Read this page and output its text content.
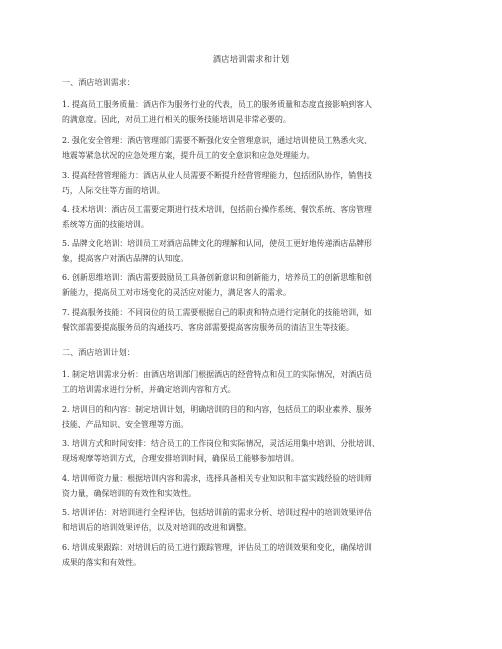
酒店培训需求和计划
一、酒店培训需求：
1. 提高员工服务质量：酒店作为服务行业的代表，员工的服务质量和态度直接影响到客人
的满意度。因此，对员工进行相关的服务技能培训是非常必要的。
2. 强化安全管理：酒店管理部门需要不断强化安全管理意识，通过培训使员工熟悉火灾、
地震等紧急状况的应急处理方案，提升员工的安全意识和应急处理能力。
3. 提高经营管理能力：酒店从业人员需要不断提升经营管理能力，包括团队协作，销售技
巧，人际交往等方面的培训。
4. 技术培训：酒店员工需要定期进行技术培训，包括前台操作系统、餐饮系统、客房管理
系统等方面的技能培训。
5. 品牌文化培训：培训员工对酒店品牌文化的理解和认同，使员工更好地传递酒店品牌形
象，提高客户对酒店品牌的认知度。
6. 创新思维培训：酒店需要鼓励员工具备创新意识和创新能力，培养员工的创新思维和创
新能力，提高员工对市场变化的灵活应对能力，满足客人的需求。
7. 提高服务技能：不同岗位的员工需要根据自己的职责和特点进行定制化的技能培训，如
餐饮部需要提高服务员的沟通技巧、客房部需要提高客房服务员的清洁卫生等技能。
二、酒店培训计划：
1. 制定培训需求分析：由酒店培训部门根据酒店的经营特点和员工的实际情况，对酒店员
工的培训需求进行分析，并确定培训内容和方式。
2. 培训目的和内容：制定培训计划，明确培训的目的和内容，包括员工的职业素养、服务
技能、产品知识、安全管理等方面。
3. 培训方式和时间安排：结合员工的工作岗位和实际情况，灵活运用集中培训、分批培训、
现场观摩等培训方式，合理安排培训时间，确保员工能够参加培训。
4. 培训师资力量：根据培训内容和需求，选择具备相关专业知识和丰富实践经验的培训师
资力量，确保培训的有效性和实效性。
5. 培训评估：对培训进行全程评估，包括培训前的需求分析、培训过程中的培训效果评估
和培训后的培训效果评估，以及对培训的改进和调整。
6. 培训成果跟踪：对培训后的员工进行跟踪管理，评估员工的培训效果和变化，确保培训
成果的落实和有效性。
